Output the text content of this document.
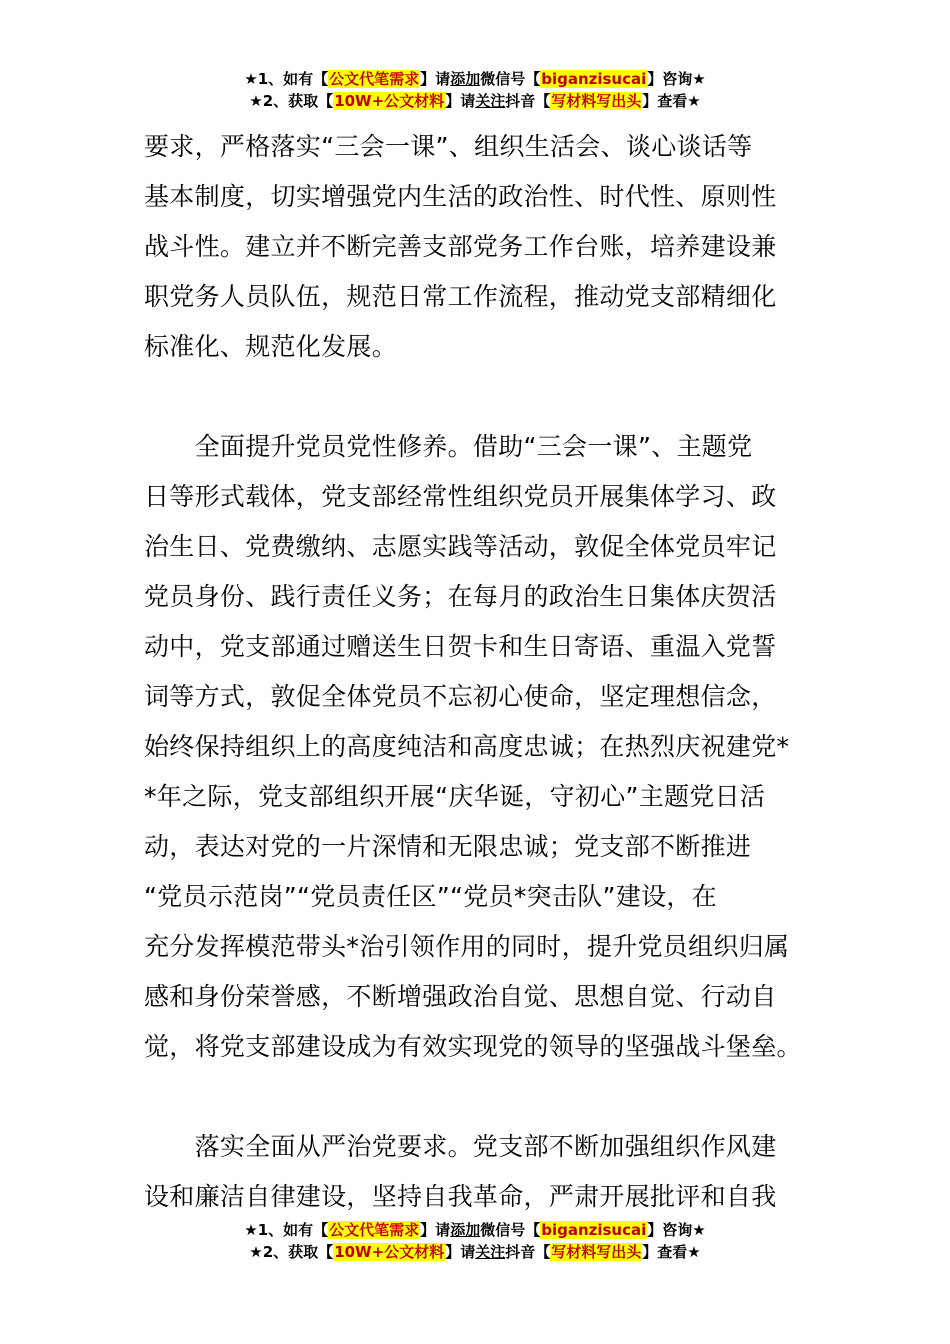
★1、如有【公文代笔需求】请添加微信号【biganzisucai】咨询★
★2、获取【10W+公文材料】请关注抖音【写材料写出头】查看★
要求，严格落实“三会一课”、组织生活会、谈心谈话等
基本制度，切实增强党内生活的政治性、时代性、原则性
战斗性。建立并不断完善支部党务工作台账，培养建设兼
职党务人员队伍，规范日常工作流程，推动党支部精细化
标准化、规范化发展。
　　全面提升党员党性修养。借助“三会一课”、主题党
日等形式载体，党支部经常性组织党员开展集体学习、政
治生日、党费缴纳、志愿实践等活动，敦促全体党员牢记
党员身份、践行责任义务；在每月的政治生日集体庆贺活
动中，党支部通过赠送生日贺卡和生日寄语、重温入党誓
词等方式，敦促全体党员不忘初心使命，坚定理想信念，
始终保持组织上的高度纯洁和高度忠诚；在热烈庆祝建党*
*年之际，党支部组织开展“庆华诞，守初心”主题党日活
动，表达对党的一片深情和无限忠诚；党支部不断推进
“党员示范岗”“党员责任区”“党员*突击队”建设，在
充分发挥模范带头*治引领作用的同时，提升党员组织归属
感和身份荣誉感，不断增强政治自觉、思想自觉、行动自
觉，将党支部建设成为有效实现党的领导的坚强战斗堡垒。
　　落实全面从严治党要求。党支部不断加强组织作风建
设和廉洁自律建设，坚持自我革命，严肃开展批评和自我
★1、如有【公文代笔需求】请添加微信号【biganzisucai】咨询★
★2、获取【10W+公文材料】请关注抖音【写材料写出头】查看★
